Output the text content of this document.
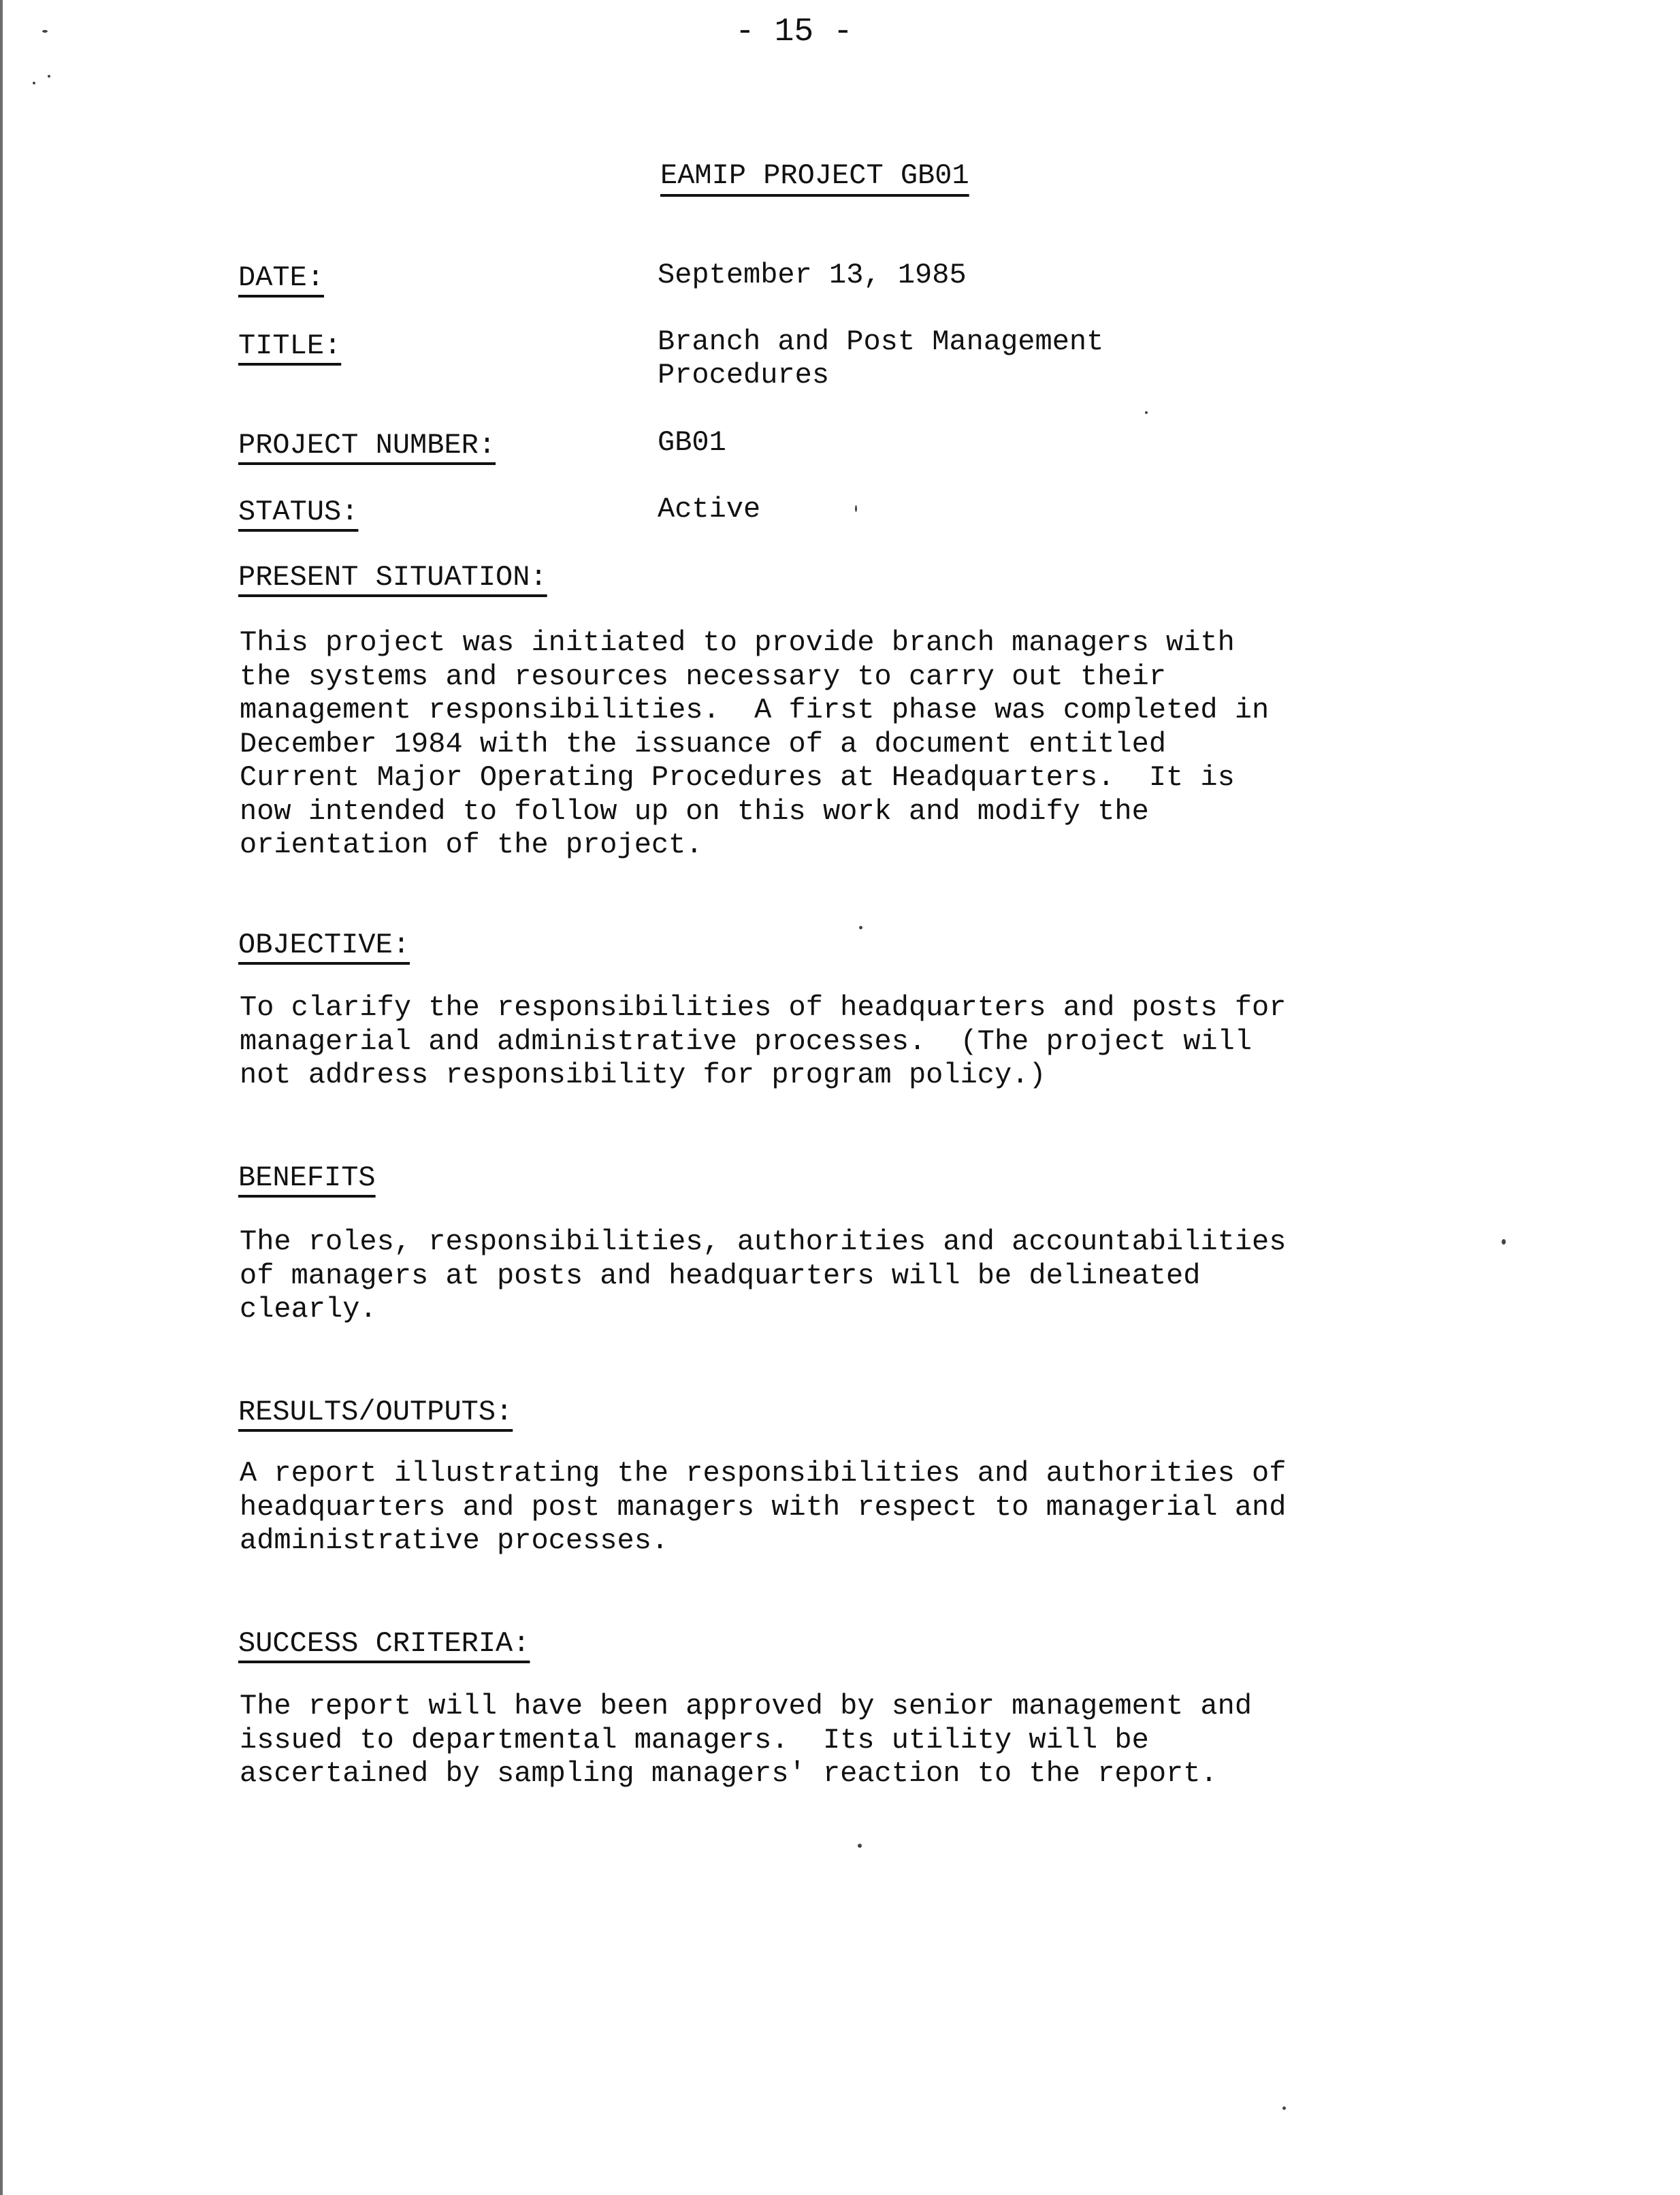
- 15 -
EAMIP PROJECT GB01
DATE:	September 13, 1985
TITLE:	Branch and Post Management
Procedures
PROJECT NUMBER:	GB01
STATUS:	Active
PRESENT SITUATION:
This project was initiated to provide branch managers with
the systems and resources necessary to carry out their
management responsibilities.  A first phase was completed in
December 1984 with the issuance of a document entitled
Current Major Operating Procedures at Headquarters.  It is
now intended to follow up on this work and modify the
orientation of the project.
OBJECTIVE:
To clarify the responsibilities of headquarters and posts for
managerial and administrative processes.  (The project will
not address responsibility for program policy.)
BENEFITS
The roles, responsibilities, authorities and accountabilities
of managers at posts and headquarters will be delineated
clearly.
RESULTS/OUTPUTS:
A report illustrating the responsibilities and authorities of
headquarters and post managers with respect to managerial and
administrative processes.
SUCCESS CRITERIA:
The report will have been approved by senior management and
issued to departmental managers.  Its utility will be
ascertained by sampling managers' reaction to the report.
